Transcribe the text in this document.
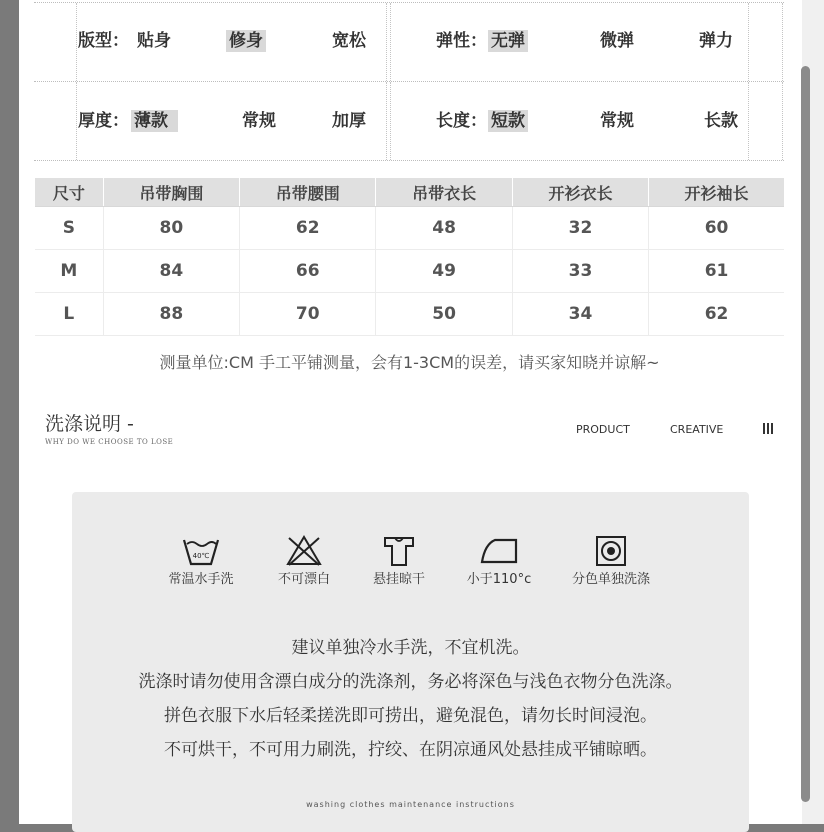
版型： 贴身	修身	宽松	弹性： 无弹	微弹	弹力
厚度： 薄款	常规	加厚	长度： 短款	常规	长款
尺寸	吊带胸围	吊带腰围	吊带衣长	开衫衣长	开衫袖长
S	80	62	48	32	60
M	84	66	49	33	61
L	88	70	50	34	62
测量单位:CM 手工平铺测量，会有1-3CM的误差，请买家知晓并谅解~
洗涤说明 -
WHY DO WE CHOOSE TO LOSE
PRODUCT	CREATIVE
40℃
常温水手洗	不可漂白	悬挂晾干	小于110°c	分色单独洗涤
建议单独冷水手洗，不宜机洗。
洗涤时请勿使用含漂白成分的洗涤剂，务必将深色与浅色衣物分色洗涤。
拼色衣服下水后轻柔搓洗即可捞出，避免混色，请勿长时间浸泡。
不可烘干，不可用力刷洗，拧绞、在阴凉通风处悬挂成平铺晾晒。
washing clothes maintenance instructions
